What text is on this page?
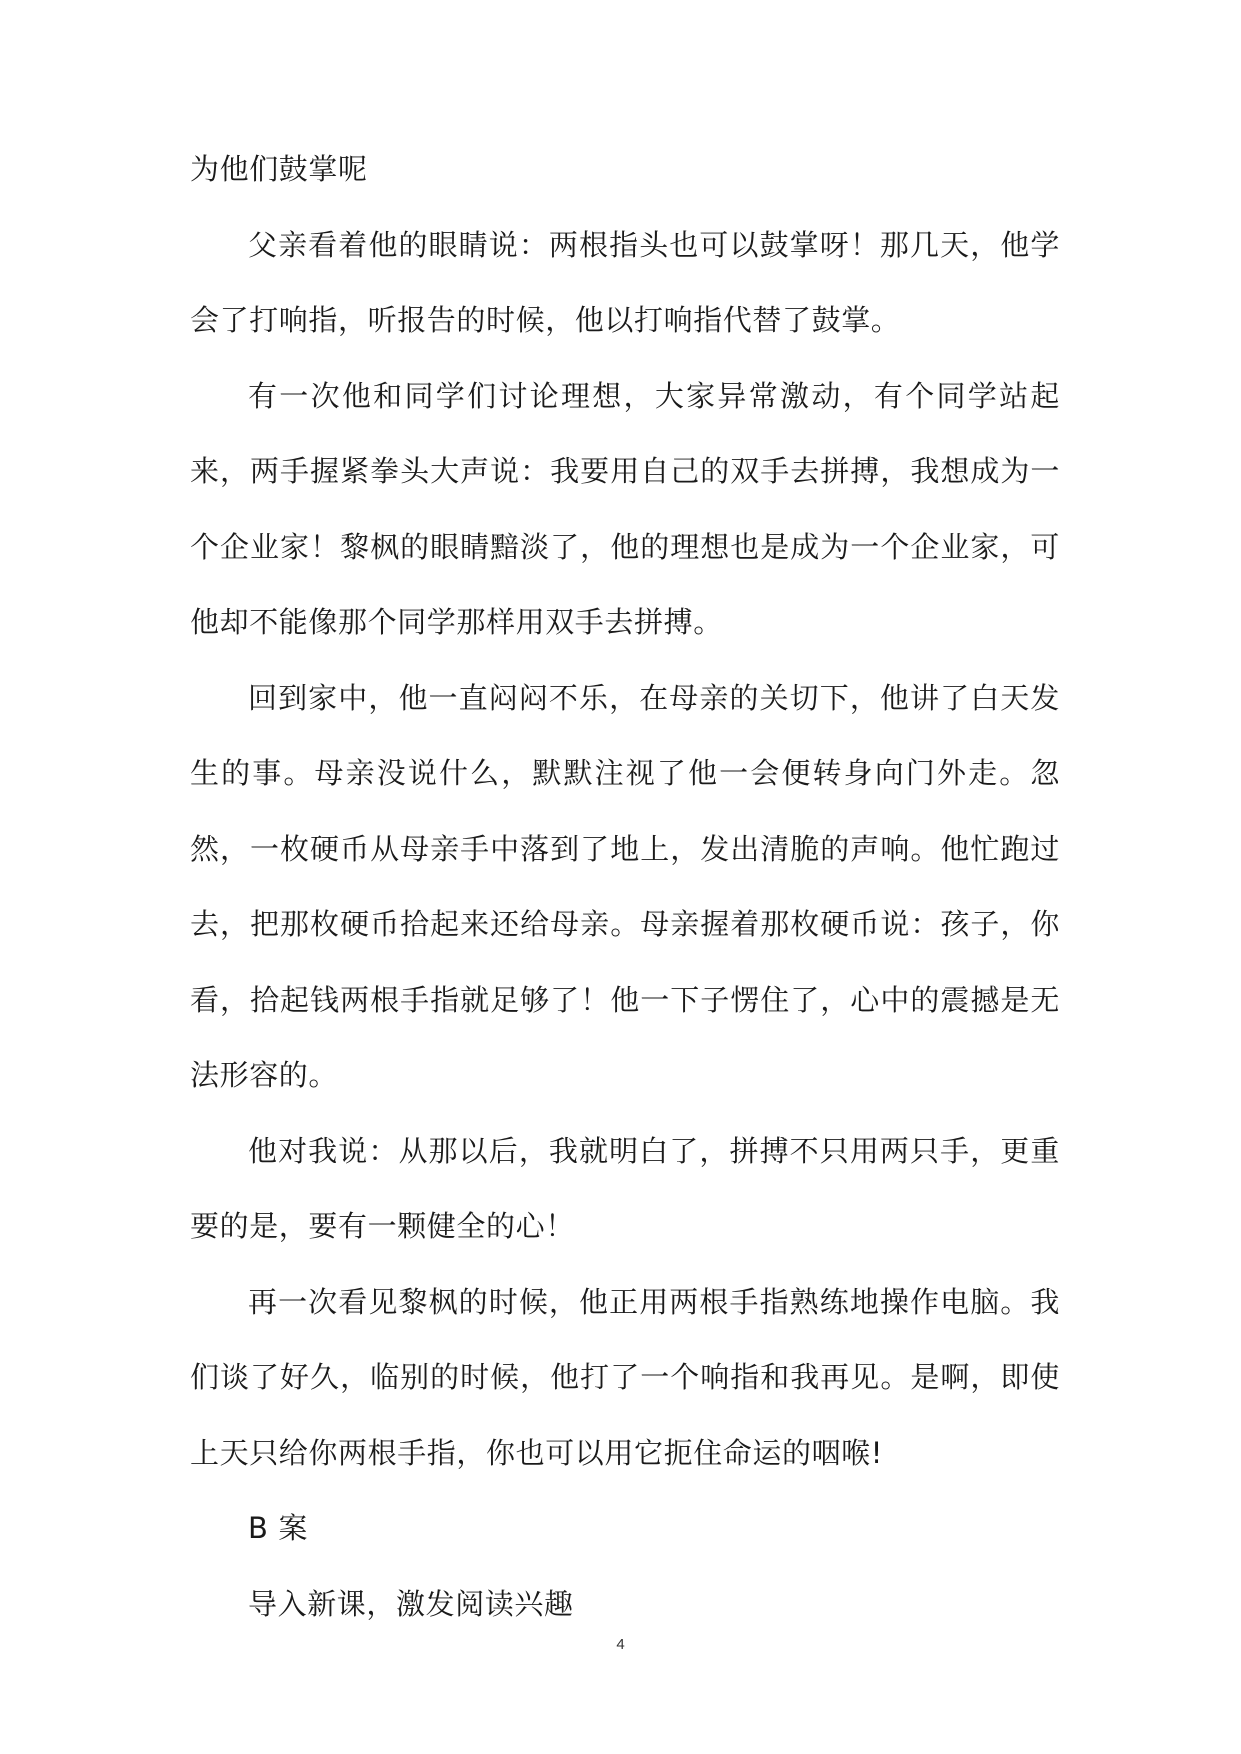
为他们鼓掌呢

父亲看着他的眼睛说：两根指头也可以鼓掌呀！那几天，他学会了打响指，听报告的时候，他以打响指代替了鼓掌。

有一次他和同学们讨论理想，大家异常激动，有个同学站起来，两手握紧拳头大声说：我要用自己的双手去拼搏，我想成为一个企业家！黎枫的眼睛黯淡了，他的理想也是成为一个企业家，可他却不能像那个同学那样用双手去拼搏。

回到家中，他一直闷闷不乐，在母亲的关切下，他讲了白天发生的事。母亲没说什么，默默注视了他一会便转身向门外走。忽然，一枚硬币从母亲手中落到了地上，发出清脆的声响。他忙跑过去，把那枚硬币拾起来还给母亲。母亲握着那枚硬币说：孩子，你看，拾起钱两根手指就足够了！他一下子愣住了，心中的震撼是无法形容的。

他对我说：从那以后，我就明白了，拼搏不只用两只手，更重要的是，要有一颗健全的心！

再一次看见黎枫的时候，他正用两根手指熟练地操作电脑。我们谈了好久，临别的时候，他打了一个响指和我再见。是啊，即使上天只给你两根手指，你也可以用它扼住命运的咽喉!

B 案

导入新课，激发阅读兴趣

4
